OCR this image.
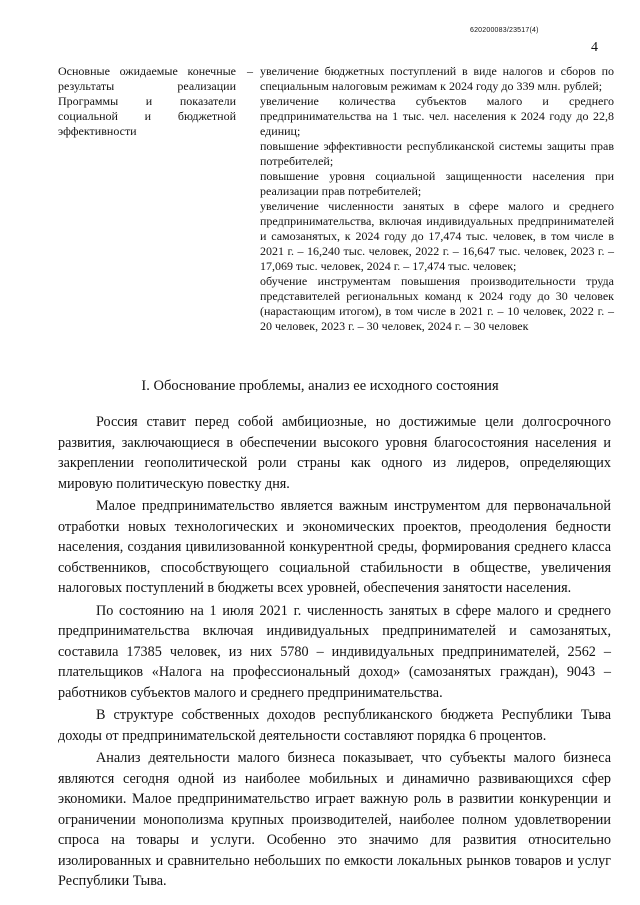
620200083/23517(4)
4
Основные ожидаемые конечные результаты реализации Программы и показатели социальной и бюджетной эффективности
– увеличение бюджетных поступлений в виде налогов и сборов по специальным налоговым режимам к 2024 году до 339 млн. рублей;
увеличение количества субъектов малого и среднего предпринимательства на 1 тыс. чел. населения к 2024 году до 22,8 единиц;
повышение эффективности республиканской системы защиты прав потребителей;
повышение уровня социальной защищенности населения при реализации прав потребителей;
увеличение численности занятых в сфере малого и среднего предпринимательства, включая индивидуальных предпринимателей и самозанятых, к 2024 году до 17,474 тыс. человек, в том числе в 2021 г. – 16,240 тыс. человек, 2022 г. – 16,647 тыс. человек, 2023 г. – 17,069 тыс. человек, 2024 г. – 17,474 тыс. человек;
обучение инструментам повышения производительности труда представителей региональных команд к 2024 году до 30 человек (нарастающим итогом), в том числе в 2021 г. – 10 человек, 2022 г. – 20 человек, 2023 г. – 30 человек, 2024 г. – 30 человек
I. Обоснование проблемы, анализ ее исходного состояния

Россия ставит перед собой амбициозные, но достижимые цели долгосрочного развития, заключающиеся в обеспечении высокого уровня благосостояния населения и закреплении геополитической роли страны как одного из лидеров, определяющих мировую политическую повестку дня.

Малое предпринимательство является важным инструментом для первоначальной отработки новых технологических и экономических проектов, преодоления бедности населения, создания цивилизованной конкурентной среды, формирования среднего класса собственников, способствующего социальной стабильности в обществе, увеличения налоговых поступлений в бюджеты всех уровней, обеспечения занятости населения.

По состоянию на 1 июля 2021 г. численность занятых в сфере малого и среднего предпринимательства включая индивидуальных предпринимателей и самозанятых, составила 17385 человек, из них 5780 – индивидуальных предпринимателей, 2562 – плательщиков «Налога на профессиональный доход» (самозанятых граждан), 9043 – работников субъектов малого и среднего предпринимательства.

В структуре собственных доходов республиканского бюджета Республики Тыва доходы от предпринимательской деятельности составляют порядка 6 процентов.

Анализ деятельности малого бизнеса показывает, что субъекты малого бизнеса являются сегодня одной из наиболее мобильных и динамично развивающихся сфер экономики. Малое предпринимательство играет важную роль в развитии конкуренции и ограничении монополизма крупных производителей, наиболее полном удовлетворении спроса на товары и услуги. Особенно это значимо для развития относительно изолированных и сравнительно небольших по емкости локальных рынков товаров и услуг Республики Тыва.
